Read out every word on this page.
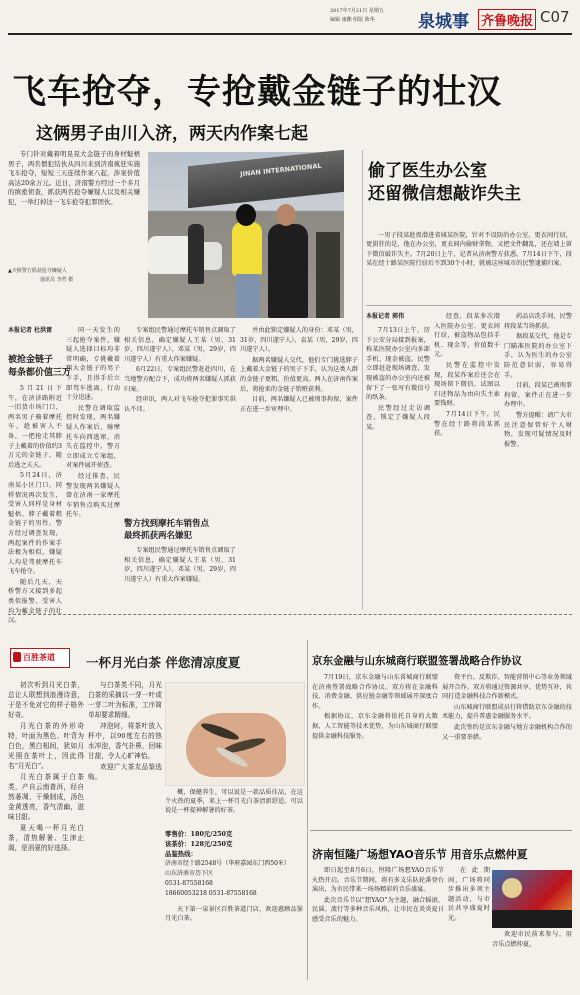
2017年7月21日 星期五
编辑 康鹏 组版 陈华	泉城事 齐鲁晚报 C07
飞车抢夺，专抢戴金链子的壮汉
这俩男子由川入济，两天内作案七起

专门针对戴着明晃晃大金链子的身材魁梧男子，两名惯犯结伙从四川来到济南疯狂实施飞车抢夺，短短三天连续作案八起，涉案价值高达20余万元。近日，济南警方经过一个多月的缜密侦查，抓获两名抢夺嫌疑人以及相关嫌犯，一举打掉这一飞车抢夺犯罪团伙。

JINAN INTERNATIONAL
▲天桥警方抓获抢夺嫌疑人
通讯员 李哲 摄
偷了医生办公室
还留微信想敲诈失主

一男子段某趁夜潜进省城某医院，针对不设防的办公室，更衣间行窃，更猖狂的是，他在办公室，更衣间内偷财拿物，又把文件翻乱，还在墙上留下微信敲诈失主。7月20日上午，记者从济南警方获悉，7月14日下午，段某在经十路某医院行窃后不到30个小时，就被这座城市的民警逮捕归案。

本报记者 杜洪雷
被抢金链子
每条都价值三万

5月21日下午，在济济路附近一旧货市场门口，两名男子骑着摩托车，趁被害人不备，一把抢走其脖子上戴着的价值约3万元的金链子，随后逃之夭夭。

5月24日，济南某小区门口，同样情况再次发生，受害人同样是身材魁梧、脖子戴着粗金链子的男性。警方经过调查发现，两起案件的作案手法极为相似，嫌疑人均是驾驶摩托车飞车抢夺。

随后几天，天桥警方又接到多起类似报警，受害人均为戴金链子的壮汉。

同一天发生的三起抢夺案件，嫌疑人选择目标均非常明确，专挑戴着粗大金链子的男子下手，且得手后立即驾车逃离，行动十分迅速。

民警在调取监控时发现，两名嫌疑人作案后，骑摩托车向西逃窜，消失在监控中。警方立即成立专案组，对案件展开侦查。

经过排查，民警发现两名嫌疑人曾在济南一家摩托车销售点购买过摩托车。

专案组民警通过摩托车销售点调取了相关信息，确定嫌疑人王某（男，31岁，四川遂宁人）、邓某（男，29岁，四川遂宁人）有重大作案嫌疑。

6月22日，专案组民警赶赴四川，在当地警方配合下，成功将两名嫌疑人抓获归案。

经审讯，两人对飞车抢夺犯罪事实供认不讳。

警方找到摩托车销售点
最终抓获两名嫌犯

专案组民警通过摩托车销售点调取了相关信息，确定嫌疑人王某（男，31岁，四川遂宁人）、邓某（男，29岁，四川遂宁人）有重大作案嫌疑。

并由此锁定嫌疑人的身份：邓某（男，31岁，四川遂宁人）、袁某（男，29岁，四川遂宁人）。

据两名嫌疑人交代，他们专门挑选脖子上戴着大金链子的男子下手，认为这类人群的金链子更粗、价值更高。两人在济南作案后，将抢来的金链子销赃获利。

目前，两名嫌疑人已被刑事拘留，案件正在进一步审理中。

本报记者 郭伟

7月13日上午，历下公安分局接到报案，称某医院办公室内多部手机、现金被盗。民警立即赶赴现场调查，发现被盗的办公室内还被留下了一张写有微信号的纸条。

民警经过走访调查，锁定了嫌疑人段某。

经查，段某多次潜入医院办公室、更衣间行窃，被盗物品包括手机、现金等，价值数千元。

民警在监控中发现，段某作案后还会在现场留下微信，试图以归还物品为由向失主索要钱财。

7月14日下午，民警在经十路将段某抓获。

药品店洗手间，民警将段某当场抓获。

据段某交代，他是专门瞄准医院的办公室下手，认为医生的办公室防范意识弱，容易得手。

目前，段某已被刑事拘留，案件正在进一步办理中。

警方提醒：请广大市民注意保管好个人财物，发现可疑情况及时报警。

百胜茶道 一杯月光白茶 伴您清凉度夏

初次听到月光白茶，总让人联想到浪漫诗意，于是不免对它的样子格外好奇。

月光白茶的外形奇特，叶面为黑色、叶背为白色，黑白相间，犹如月光照在茶叶上，因此得名“月光白”。

月光白茶属于白茶类，产自云南普洱，经自然萎凋、干燥制成，汤色金黄透亮，香气清幽，滋味甘甜。

夏天喝一杯月光白茶，清热解暑、生津止渴，是消夏的好选择。

与白茶类不同，月光白茶的采摘以一芽一叶或一芽二叶为标准，工序简单却要求精细。

冲泡时，将茶叶放入杯中，以90度左右的热水冲泡，香气扑鼻，回味甘甜，令人心旷神怡。

欢迎广大茶友品鉴选购。

概，保健养生，可以说是一款品质佳品，在这个火热的夏季，来上一杯月光白茶清新舒适，可以说是一杯提神解暑的好茶。

零售价：180元/250克
该茶价：128元/250克
品鉴热线：
济南市经十路2548号（华府嘉园东门西50米）
山东济南市历下区
0531-87558168
18660053218 0531-87558168

天下第一泉景区百胜茶道门店，欢迎惠顾品鉴月光白茶。

京东金融与山东城商行联盟签署战略合作协议

7月19日，京东金融与山东省城商行联盟在济南签署战略合作协议。双方将在金融科技、消费金融、供应链金融等领域展开深度合作。

根据协议，京东金融将依托自身的大数据、人工智能等技术优势，为山东城商行联盟提供金融科技服务。

资平台、反欺诈、智能营销中心等业务领域展开合作。双方将通过资源共享、优势互补，共同打造金融科技合作新模式。

山东城商行联盟成员行将借助京东金融的技术能力，提升普惠金融服务水平。

此次签约是京东金融与地方金融机构合作的又一重要举措。

济南恒隆广场想YAO音乐节 用音乐点燃仲夏

即日起至8月6日，恒隆广场想YAO音乐节火热开启。音乐节期间，将有多支乐队轮番登台演出，为市民带来一场场精彩的音乐盛宴。

此次音乐节以“想YAO”为主题，融合摇滚、民谣、流行等多种音乐风格，让市民在炎炎夏日感受音乐的魅力。

在此期间，广场将同步推出多项主题活动，与市民共享盛夏时光。

欢迎市民前来参与，用音乐点燃仲夏。
